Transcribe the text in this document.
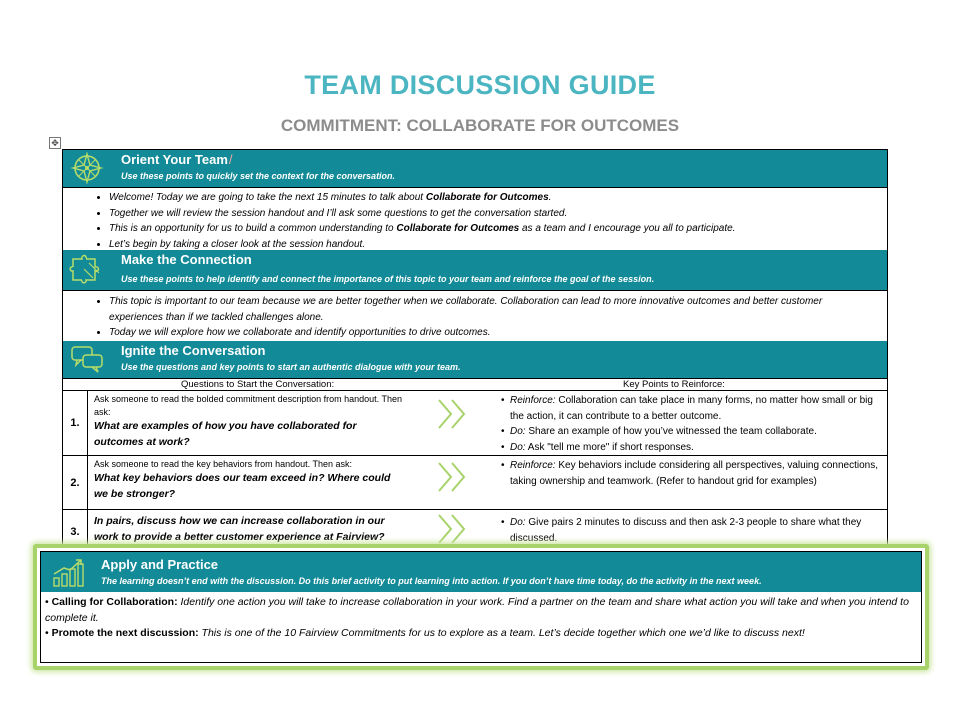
TEAM DISCUSSION GUIDE
COMMITMENT: COLLABORATE FOR OUTCOMES
✥
Orient Your Team/
Use these points to quickly set the context for the conversation.
• Welcome! Today we are going to take the next 15 minutes to talk about Collaborate for Outcomes.
• Together we will review the session handout and I’ll ask some questions to get the conversation started.
• This is an opportunity for us to build a common understanding to Collaborate for Outcomes as a team and I encourage you all to participate.
• Let’s begin by taking a closer look at the session handout.
Make the Connection
Use these points to help identify and connect the importance of this topic to your team and reinforce the goal of the session.
• This topic is important to our team because we are better together when we collaborate. Collaboration can lead to more innovative outcomes and better customer experiences than if we tackled challenges alone.
• Today we will explore how we collaborate and identify opportunities to drive outcomes.
Ignite the Conversation
Use the questions and key points to start an authentic dialogue with your team.
Questions to Start the Conversation:	Key Points to Reinforce:
1.
Ask someone to read the bolded commitment description from handout. Then ask:
What are examples of how you have collaborated for outcomes at work?
• Reinforce: Collaboration can take place in many forms, no matter how small or big the action, it can contribute to a better outcome.
• Do: Share an example of how you’ve witnessed the team collaborate.
• Do: Ask "tell me more" if short responses.
2.
Ask someone to read the key behaviors from handout. Then ask:
What key behaviors does our team exceed in? Where could we be stronger?
• Reinforce: Key behaviors include considering all perspectives, valuing connections, taking ownership and teamwork. (Refer to handout grid for examples)
3.
In pairs, discuss how we can increase collaboration in our work to provide a better customer experience at Fairview?
• Do: Give pairs 2 minutes to discuss and then ask 2-3 people to share what they discussed.
Apply and Practice
The learning doesn’t end with the discussion. Do this brief activity to put learning into action. If you don’t have time today, do the activity in the next week.

• Calling for Collaboration: Identify one action you will take to increase collaboration in your work. Find a partner on the team and share what action you will take and when you intend to complete it.

• Promote the next discussion: This is one of the 10 Fairview Commitments for us to explore as a team. Let’s decide together which one we’d like to discuss next!
